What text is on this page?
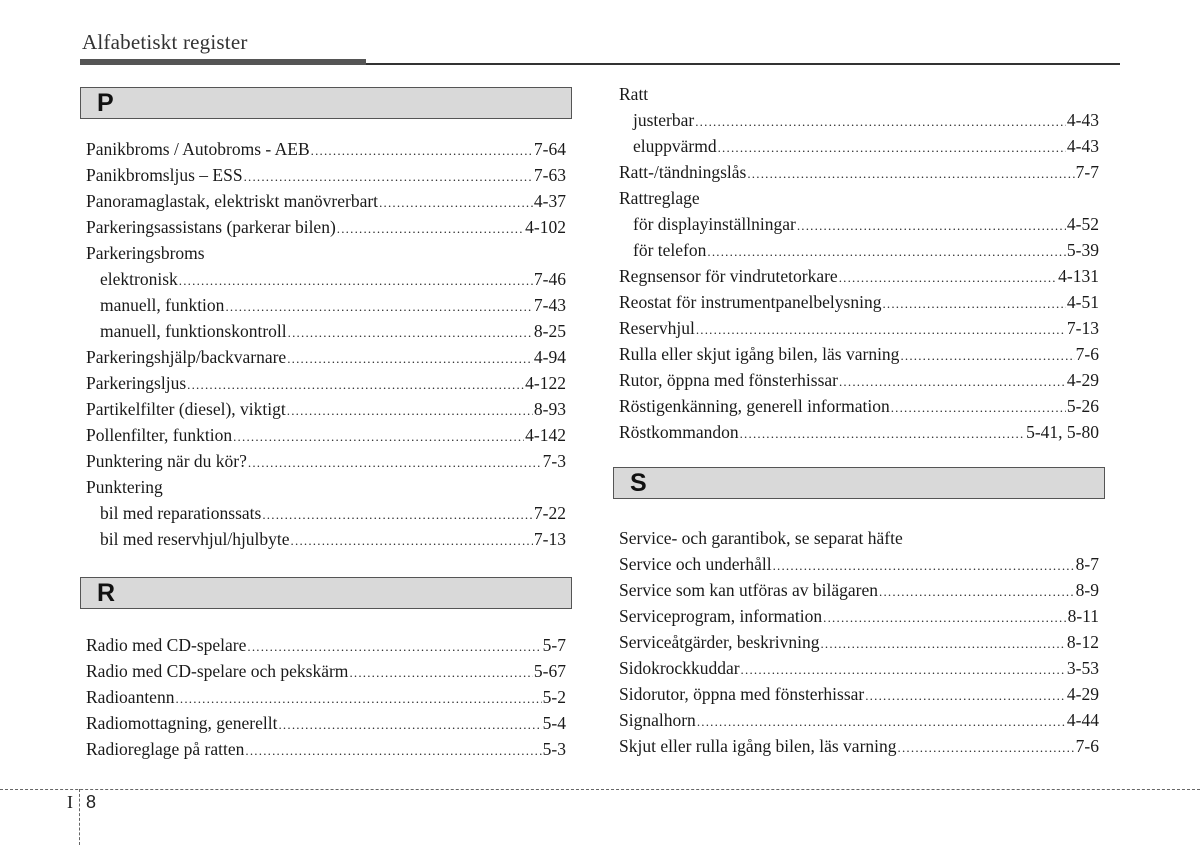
Alfabetiskt register
P
Panikbroms / Autobroms - AEB .....	7-64
Panikbromsljus – ESS .....	7-63
Panoramaglastak, elektriskt manövrerbart .....	4-37
Parkeringsassistans (parkerar bilen) .....	4-102
Parkeringsbroms
elektronisk .....	7-46
manuell, funktion .....	7-43
manuell, funktionskontroll .....	8-25
Parkeringshjälp/backvarnare .....	4-94
Parkeringsljus .....	4-122
Partikelfilter (diesel), viktigt .....	8-93
Pollenfilter, funktion .....	4-142
Punktering när du kör? .....	7-3
Punktering
bil med reparationssats .....	7-22
bil med reservhjul/hjulbyte .....	7-13
R
Radio med CD-spelare .....	5-7
Radio med CD-spelare och pekskärm .....	5-67
Radioantenn .....	5-2
Radiomottagning, generellt .....	5-4
Radioreglage på ratten .....	5-3
Ratt
justerbar .....	4-43
eluppvärmd .....	4-43
Ratt-/tändningslås .....	7-7
Rattreglage
för displayinställningar .....	4-52
för telefon .....	5-39
Regnsensor för vindrutetorkare .....	4-131
Reostat för instrumentpanelbelysning .....	4-51
Reservhjul .....	7-13
Rulla eller skjut igång bilen, läs varning .....	7-6
Rutor, öppna med fönsterhissar .....	4-29
Röstigenkänning, generell information .....	5-26
Röstkommandon .....	5-41, 5-80
S
Service- och garantibok, se separat häfte
Service och underhåll .....	8-7
Service som kan utföras av bilägaren .....	8-9
Serviceprogram, information .....	8-11
Serviceåtgärder, beskrivning .....	8-12
Sidokrockkuddar .....	3-53
Sidorutor, öppna med fönsterhissar .....	4-29
Signalhorn .....	4-44
Skjut eller rulla igång bilen, läs varning .....	7-6
I 8
